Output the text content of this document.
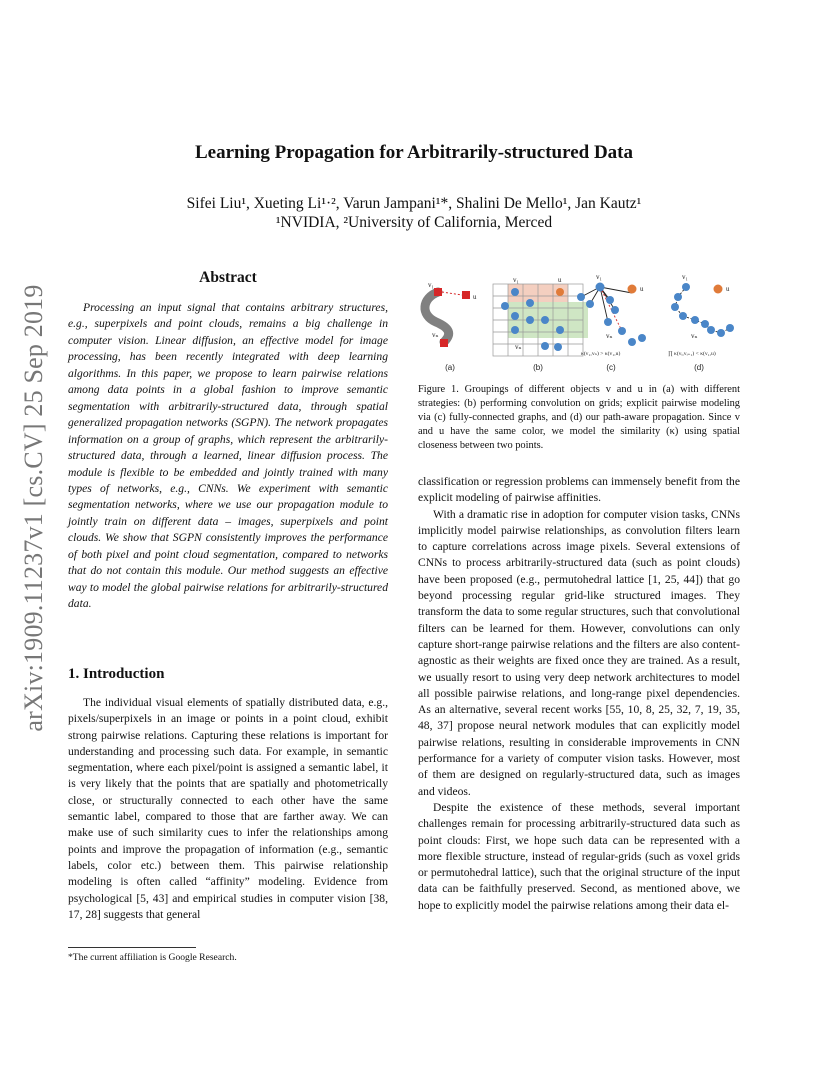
arXiv:1909.11237v1 [cs.CV] 25 Sep 2019
Learning Propagation for Arbitrarily-structured Data
Sifei Liu¹, Xueting Li¹·², Varun Jampani¹*, Shalini De Mello¹, Jan Kautz¹
¹NVIDIA, ²University of California, Merced
Abstract
Processing an input signal that contains arbitrary structures, e.g., superpixels and point clouds, remains a big challenge in computer vision. Linear diffusion, an effective model for image processing, has been recently integrated with deep learning algorithms. In this paper, we propose to learn pairwise relations among data points in a global fashion to improve semantic segmentation with arbitrarily-structured data, through spatial generalized propagation networks (SGPN). The network propagates information on a group of graphs, which represent the arbitrarily-structured data, through a learned, linear diffusion process. The module is flexible to be embedded and jointly trained with many types of networks, e.g., CNNs. We experiment with semantic segmentation networks, where we use our propagation module to jointly train on different data – images, superpixels and point clouds. We show that SGPN consistently improves the performance of both pixel and point cloud segmentation, compared to networks that do not contain this module. Our method suggests an effective way to model the global pairwise relations for arbitrarily-structured data.
1. Introduction
The individual visual elements of spatially distributed data, e.g., pixels/superpixels in an image or points in a point cloud, exhibit strong pairwise relations. Capturing these relations is important for understanding and processing such data. For example, in semantic segmentation, where each pixel/point is assigned a semantic label, it is very likely that the points that are spatially and photometrically close, or structurally connected to each other have the same semantic label, compared to those that are farther away. We can make use of such similarity cues to infer the relationships among points and improve the propagation of information (e.g., semantic labels, color etc.) between them. This pairwise relationship modeling is often called “affinity” modeling. Evidence from psychological [5, 43] and empirical studies in computer vision [38, 17, 28] suggests that general
*The current affiliation is Google Research.
v₁
u
vₙ
v₁	u
vₙ
v₁
u
vₙ
κ(v₁,vₙ) > κ(v₁,u)
v₁
u
vₙ
∏ κ(vᵢ,vᵢ₊₁) < κ(v₁,u)
(a)	(b)	(c)	(d)
Figure 1. Groupings of different objects v and u in (a) with different strategies: (b) performing convolution on grids; explicit pairwise modeling via (c) fully-connected graphs, and (d) our path-aware propagation. Since v and u have the same color, we model the similarity (κ) using spatial closeness between two points.

classification or regression problems can immensely benefit from the explicit modeling of pairwise affinities.

With a dramatic rise in adoption for computer vision tasks, CNNs implicitly model pairwise relationships, as convolution filters learn to capture correlations across image pixels. Several extensions of CNNs to process arbitrarily-structured data (such as point clouds) have been proposed (e.g., permutohedral lattice [1, 25, 44]) that go beyond processing regular grid-like structured images. They transform the data to some regular structures, such that convolutional filters can be learned for them. However, convolutions can only capture short-range pairwise relations and the filters are also content-agnostic as their weights are fixed once they are trained. As a result, we usually resort to using very deep network architectures to model all possible pairwise relations, and long-range pixel dependencies. As an alternative, several recent works [55, 10, 8, 25, 32, 7, 19, 35, 48, 37] propose neural network modules that can explicitly model pairwise relations, resulting in considerable improvements in CNN performance for a variety of computer vision tasks. However, most of them are designed on regularly-structured data, such as images and videos.

Despite the existence of these methods, several important challenges remain for processing arbitrarily-structured data such as point clouds: First, we hope such data can be represented with a more flexible structure, instead of regular-grids (such as voxel grids or permutohedral lattice), such that the original structure of the input data can be faithfully preserved. Second, as mentioned above, we hope to explicitly model the pairwise relations among their data el-
